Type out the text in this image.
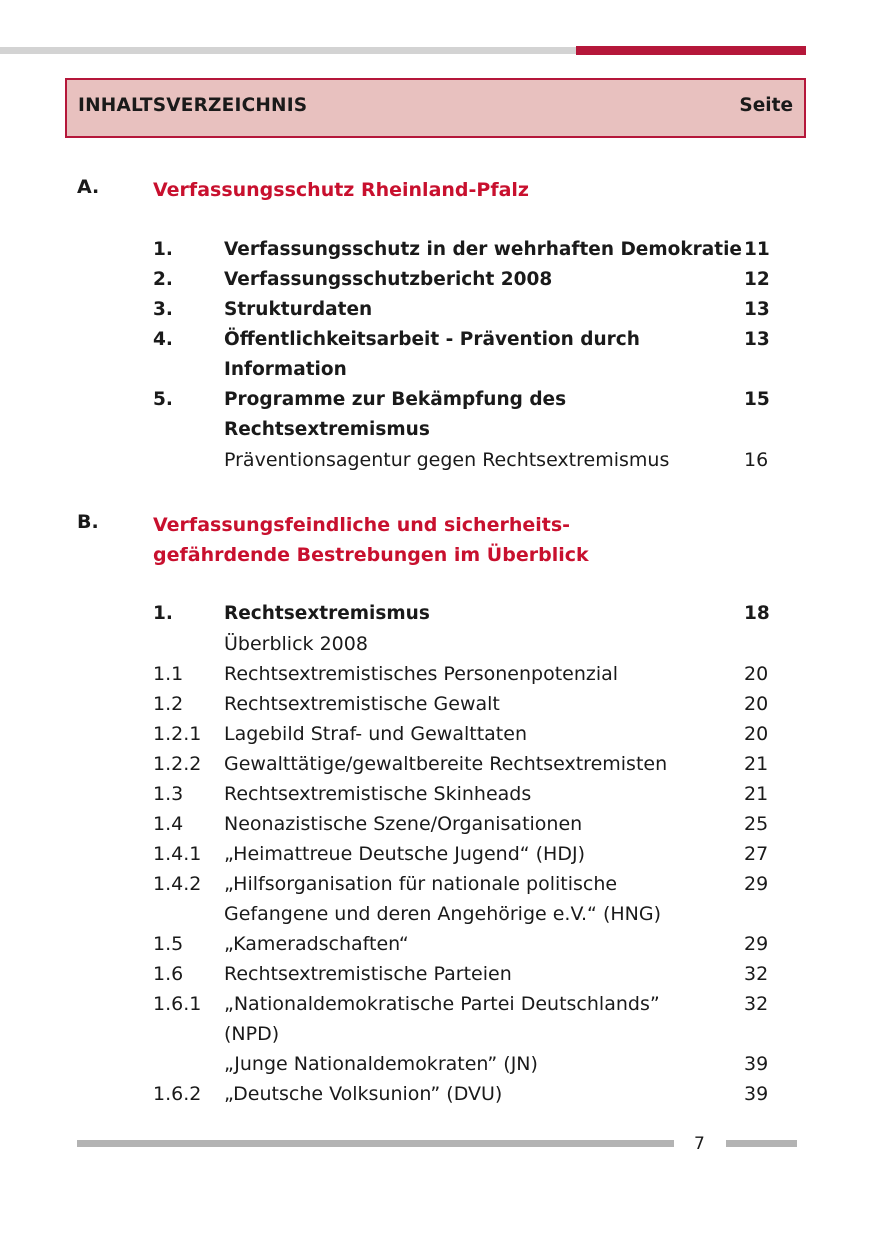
INHALTSVERZEICHNIS	Seite
A.	Verfassungsschutz Rheinland-Pfalz
1.	Verfassungsschutz in der wehrhaften Demokratie 11
2.	Verfassungsschutzbericht 2008	12
3.	Strukturdaten	13
4.	Öffentlichkeitsarbeit - Prävention durch	13
Information
5.	Programme zur Bekämpfung des	15
Rechtsextremismus
Präventionsagentur gegen Rechtsextremismus	16
B.	Verfassungsfeindliche und sicherheits-
gefährdende Bestrebungen im Überblick
1.	Rechtsextremismus	18
Überblick 2008
1.1 Rechtsextremistisches Personenpotenzial	20
1.2 Rechtsextremistische Gewalt	20
1.2.1 Lagebild Straf- und Gewalttaten	20
1.2.2 Gewalttätige/gewaltbereite Rechtsextremisten	21
1.3 Rechtsextremistische Skinheads	21
1.4 Neonazistische Szene/Organisationen	25
1.4.1 „Heimattreue Deutsche Jugend“ (HDJ)	27
1.4.2 „Hilfsorganisation für nationale politische	29
Gefangene und deren Angehörige e.V.“ (HNG)
1.5 „Kameradschaften“	29
1.6 Rechtsextremistische Parteien	32
1.6.1 „Nationaldemokratische Partei Deutschlands”	32
(NPD)
„Junge Nationaldemokraten” (JN)	39
1.6.2 „Deutsche Volksunion” (DVU)	39
7
